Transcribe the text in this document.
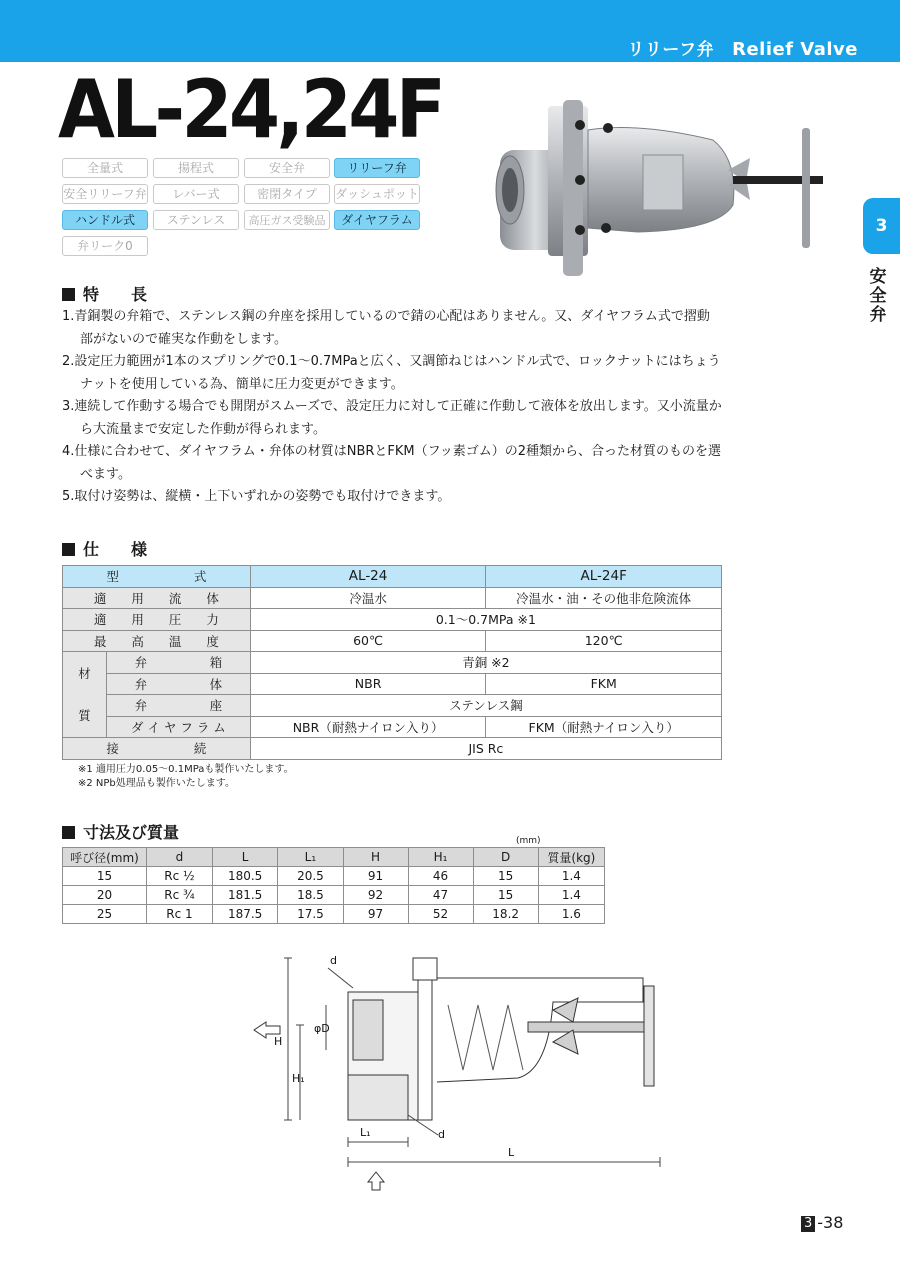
リリーフ弁 Relief Valve
AL-24,24F
全量式	揚程式	安全弁	リリーフ弁
安全リリーフ弁	レバー式	密閉タイプ	ダッシュポット
ハンドル式	ステンレス	高圧ガス受験品	ダイヤフラム
弁リーク0
3
安全弁
特　　長
1.青銅製の弁箱で、ステンレス鋼の弁座を採用しているので錆の心配はありません。又、ダイヤフラム式で摺動部がないので確実な作動をします。
2.設定圧力範囲が1本のスプリングで0.1～0.7MPaと広く、又調節ねじはハンドル式で、ロックナットにはちょうナットを使用している為、簡単に圧力変更ができます。
3.連続して作動する場合でも開閉がスムーズで、設定圧力に対して正確に作動して液体を放出します。又小流量から大流量まで安定した作動が得られます。
4.仕様に合わせて、ダイヤフラム・弁体の材質はNBRとFKM（フッ素ゴム）の2種類から、合った材質のものを選べます。
5.取付け姿勢は、縦横・上下いずれかの姿勢でも取付けできます。
仕　　様
型　　　　　　式		AL-24	AL-24F
適　　用　　流　　体		冷温水	冷温水・油・その他非危険流体
適　　用　　圧　　力		0.1～0.7MPa ※1	
最　　高　　温　　度		60℃	120℃
材
質	弁　　　　　箱	青銅 ※2	
	弁　　　　　体	NBR	FKM
	弁　　　　　座	ステンレス鋼	
	ダ イ ヤ フ ラ ム	NBR（耐熱ナイロン入り）	FKM（耐熱ナイロン入り）
接　　　　　　続		JIS Rc	
※1 適用圧力0.05～0.1MPaも製作いたします。
※2 NPb処理品も製作いたします。
寸法及び質量	(mm)
呼び径(mm)	d	L	L₁	H	H₁	D	質量(kg)
15	Rc ½	180.5	20.5	91	46	15	1.4
20	Rc ¾	181.5	18.5	92	47	15	1.4
25	Rc 1	187.5	17.5	97	52	18.2	1.6
d
φD
H
H₁
L₁	d
L
3 -38
